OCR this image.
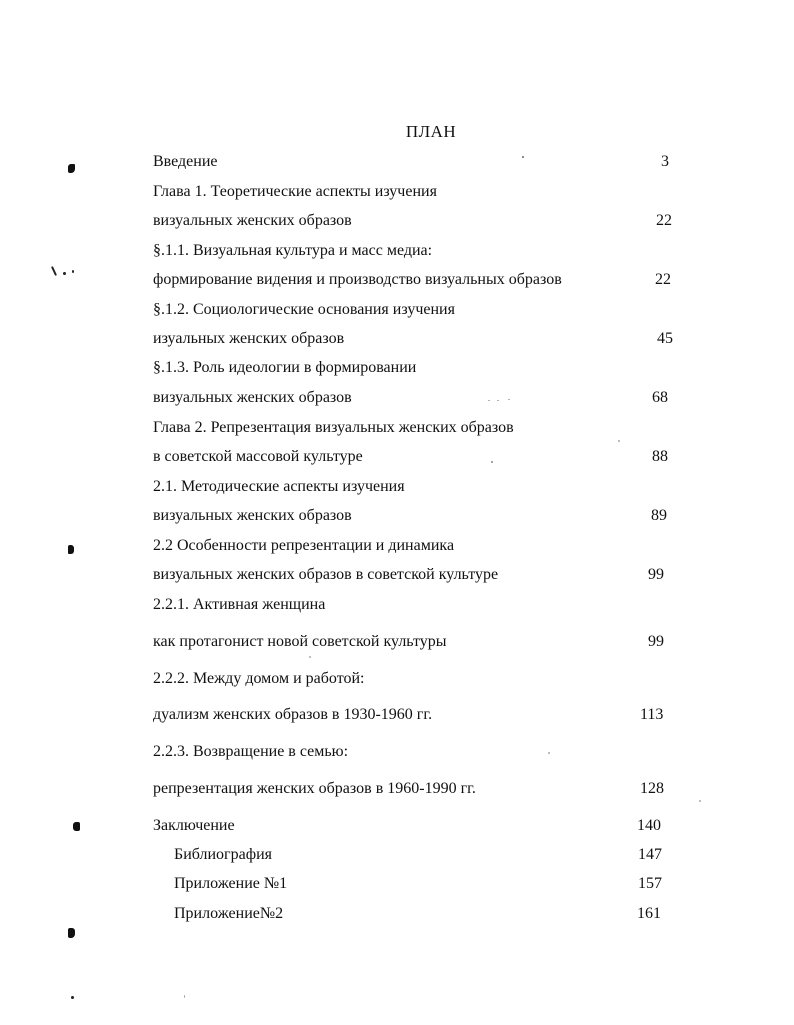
ПЛАН
Введение	3
Глава 1. Теоретические аспекты изучения
визуальных женских образов	22
§.1.1. Визуальная культура и масс медиа:
формирование видения и производство визуальных образов	22
§.1.2. Социологические основания изучения
изуальных женских образов	45
§.1.3. Роль идеологии в формировании
визуальных женских образов	68
Глава 2. Репрезентация визуальных женских образов
в советской массовой культуре	88
2.1. Методические аспекты изучения
визуальных женских образов	89
2.2 Особенности репрезентации и динамика
визуальных женских образов в советской культуре	99
2.2.1. Активная женщина
как протагонист новой советской культуры	99
2.2.2. Между домом и работой:
дуализм женских образов в 1930-1960 гг.	113
2.2.3. Возвращение в семью:
репрезентация женских образов в 1960-1990 гг.	128
Заключение	140
Библиография	147
Приложение №1	157
Приложение№2	161
